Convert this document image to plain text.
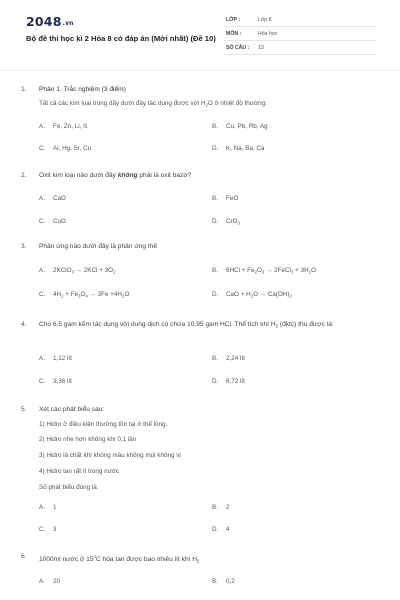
2048.vn
Bộ đề thi học kì 2 Hóa 8 có đáp án (Mới nhất) (Đề 10)
LỚP :	Lớp 8
MÔN :	Hóa học
SỐ CÂU : 13
1. Phần 1. Trắc nghiệm (3 điểm)
Tất cả các kim loại trong dãy dưới đây tác dụng được với $H_2O$ ở nhiệt độ thường:
A. Fe, Zn, Li, S	B. Cu, Pb, Rb, Ag
C. Al, Hg, Sr, Cu	D. K, Na, Ba, Ca
2. Oxit kim loại nào dưới đây không phải là oxit bazơ?
A. CaO	B. FeO
C. CuO	D. CrO$_3$
3. Phản ứng nào dưới đây là phản ứng thế
A. 2KClO$_3$ → $2KCl + 3O_2$	B. $6HCl + Fe_2O_3$ → 2FeCl$_3$ + $3H_2O$
C. $4H_2 + Fe_3O_4 \to 3Fe +4H_2O$	D. CaO + $H_2O \to Ca(OH)_2$
4. Cho 6,5 gam kẽm tác dụng với dung dịch có chứa 10,95 gam HCl. Thể tích khí $H_2$ (đktc) thu được là:
A. 1,12 lít	B. 2,24 lít
C. 3,36 lít	D. 6,72 lít
5. Xét các phát biểu sau:
1) Hidro ở điều kiện thường tồn tại ở thể lỏng.
2) Hidro nhẹ hơn không khí 0,1 lần
3) Hidro là chất khí không màu không mùi không vị
4) Hidro tan rất ít trong nước
Số phát biểu đúng là:
A. 1	B. 2
C. 3	D. 4
6. 1000ml nước ở 15$^o$C hòa tan được bao nhiêu lít khí $H_2$
A. 20	B. 0,2
